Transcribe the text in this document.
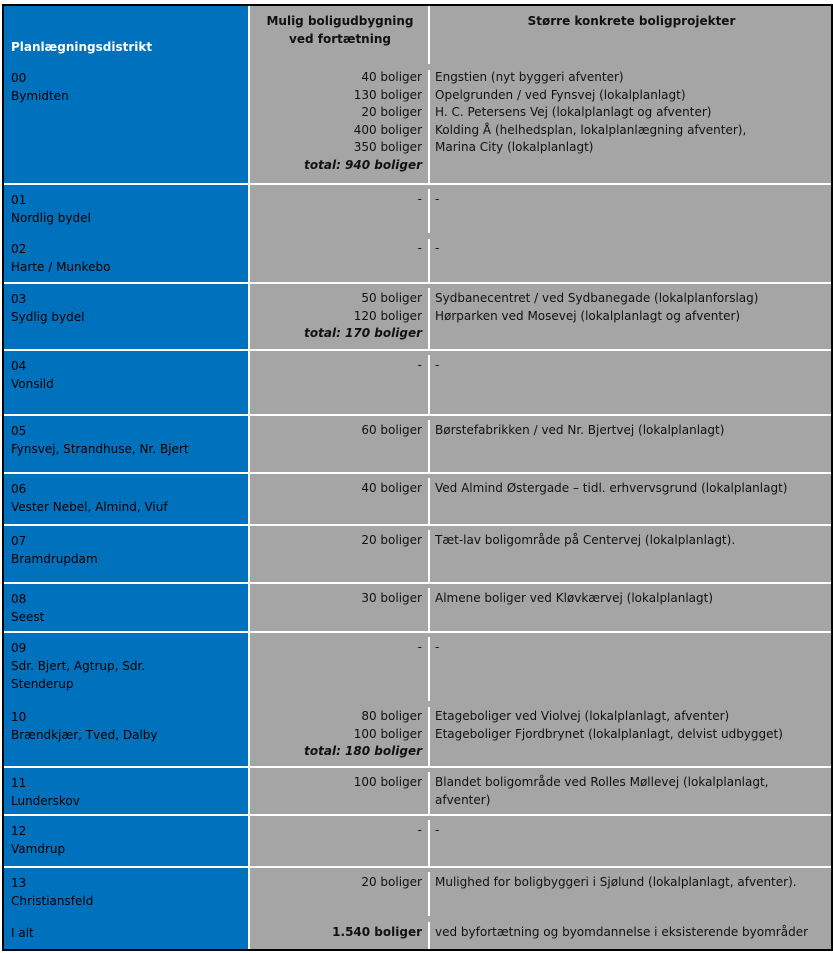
Planlægningsdistrikt
Mulig boligudbygning
ved fortætning
Større konkrete boligprojekter
00
Bymidten
40 boliger
130 boliger
20 boliger
400 boliger
350 boliger
total: 940 boliger
Engstien (nyt byggeri afventer)
Opelgrunden / ved Fynsvej (lokalplanlagt)
H. C. Petersens Vej (lokalplanlagt og afventer)
Kolding Å (helhedsplan, lokalplanlægning afventer),
Marina City (lokalplanlagt)
01
Nordlig bydel
- -
02
Harte / Munkebo
- -
03
Sydlig bydel
50 boliger
120 boliger
total: 170 boliger
Sydbanecentret / ved Sydbanegade (lokalplanforslag)
Hørparken ved Mosevej (lokalplanlagt og afventer)
04
Vonsild
- -
05
Fynsvej, Strandhuse, Nr. Bjert
60 boliger Børstefabrikken / ved Nr. Bjertvej (lokalplanlagt)
06
Vester Nebel, Almind, Viuf
40 boliger Ved Almind Østergade – tidl. erhvervsgrund (lokalplanlagt)
07
Bramdrupdam
20 boliger Tæt-lav boligområde på Centervej (lokalplanlagt).
08
Seest
30 boliger Almene boliger ved Kløvkærvej (lokalplanlagt)
09
Sdr. Bjert, Agtrup, Sdr.
Stenderup
- -
10
Brændkjær, Tved, Dalby
80 boliger
100 boliger
total: 180 boliger
Etageboliger ved Violvej (lokalplanlagt, afventer)
Etageboliger Fjordbrynet (lokalplanlagt, delvist udbygget)
11
Lunderskov
100 boliger Blandet boligområde ved Rolles Møllevej (lokalplanlagt,
afventer)
12
Vamdrup
- -
13
Christiansfeld
20 boliger Mulighed for boligbyggeri i Sjølund (lokalplanlagt, afventer).
I alt	1.540 boliger ved byfortætning og byomdannelse i eksisterende byområder
